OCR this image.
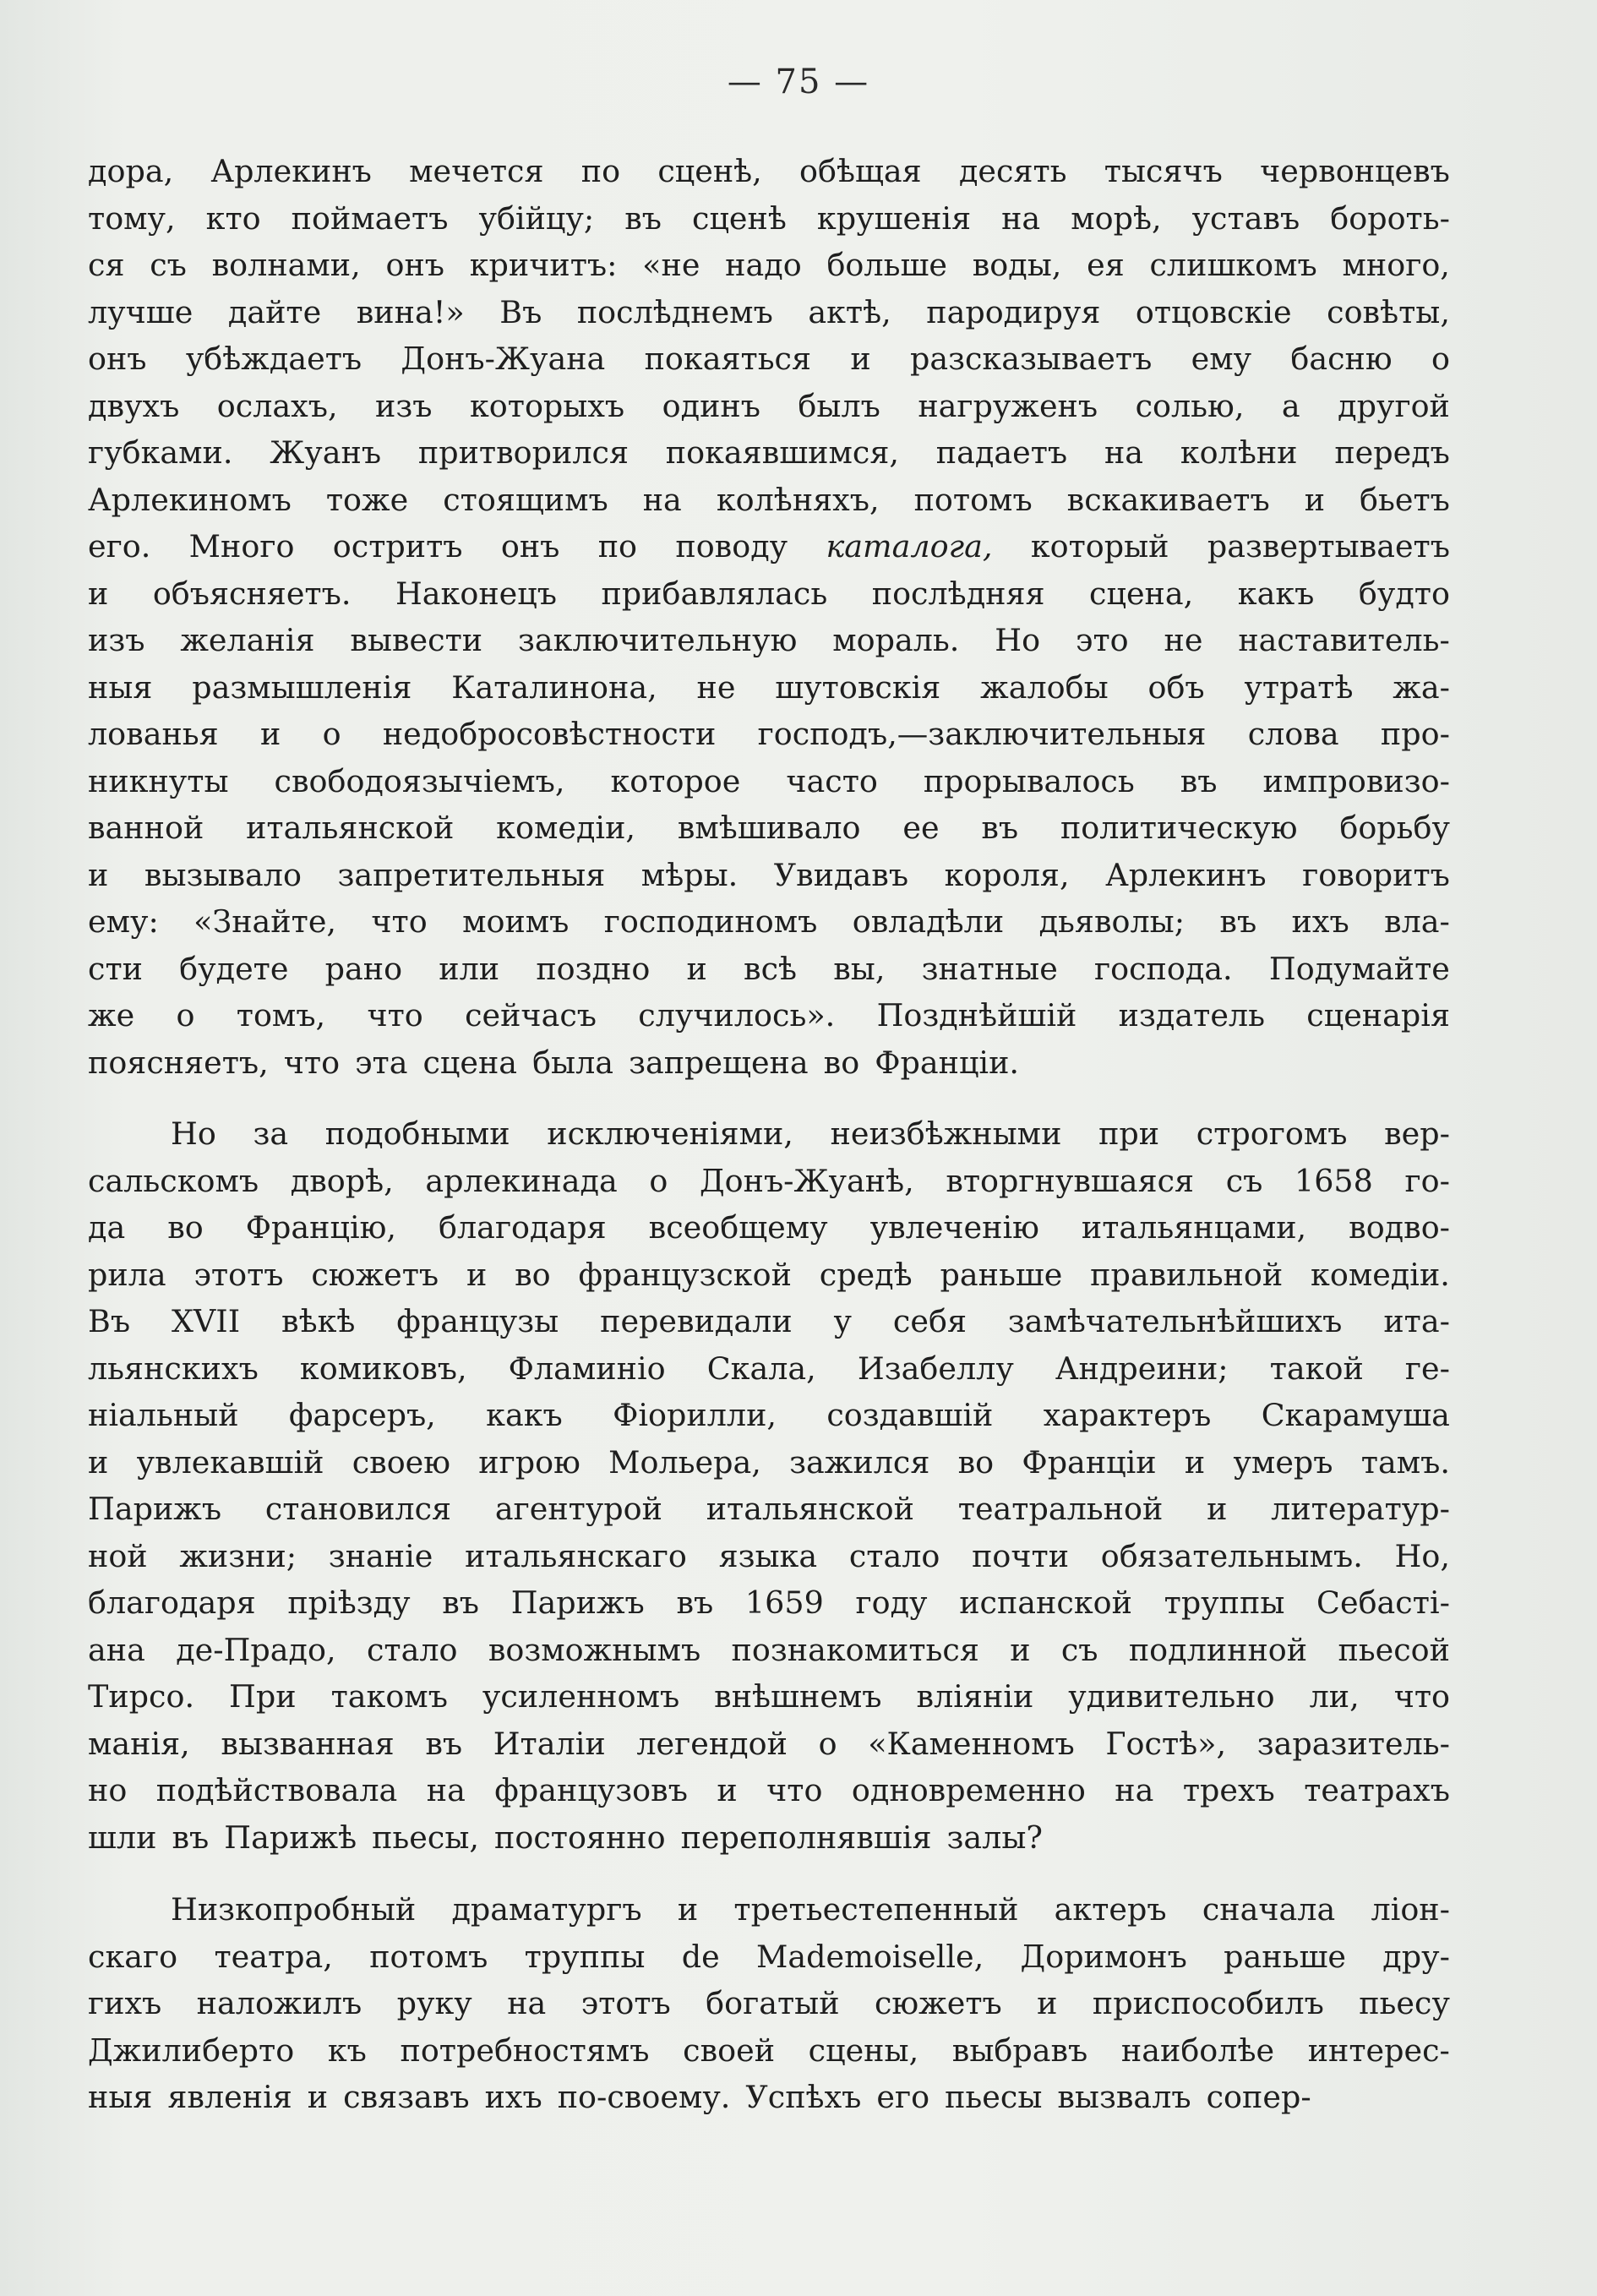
— 75 —
дора, Арлекинъ мечется по сценѣ, обѣщая десять тысячъ червонцевъ
тому, кто поймаетъ убійцу; въ сценѣ крушенія на морѣ, уставъ бороть-
ся съ волнами, онъ кричитъ: «не надо больше воды, ея слишкомъ много,
лучше дайте вина!» Въ послѣднемъ актѣ, пародируя отцовскіе совѣты,
онъ убѣждаетъ Донъ-Жуана покаяться и разсказываетъ ему басню о
двухъ ослахъ, изъ которыхъ одинъ былъ нагруженъ солью, а другой
губками. Жуанъ притворился покаявшимся, падаетъ на колѣни передъ
Арлекиномъ тоже стоящимъ на колѣняхъ, потомъ вскакиваетъ и бьетъ
его. Много остритъ онъ по поводу каталога, который развертываетъ
и объясняетъ. Наконецъ прибавлялась послѣдняя сцена, какъ будто
изъ желанія вывести заключительную мораль. Но это не наставитель-
ныя размышленія Каталинона, не шутовскія жалобы объ утратѣ жа-
лованья и о недобросовѣстности господъ,—заключительныя слова про-
никнуты свободоязычіемъ, которое часто прорывалось въ импровизо-
ванной итальянской комедіи, вмѣшивало ее въ политическую борьбу
и вызывало запретительныя мѣры. Увидавъ короля, Арлекинъ говоритъ
ему: «Знайте, что моимъ господиномъ овладѣли дьяволы; въ ихъ вла-
сти будете рано или поздно и всѣ вы, знатные господа. Подумайте
же о томъ, что сейчасъ случилось». Позднѣйшій издатель сценарія
поясняетъ, что эта сцена была запрещена во Франціи.
Но за подобными исключеніями, неизбѣжными при строгомъ вер-
сальскомъ дворѣ, арлекинада о Донъ-Жуанѣ, вторгнувшаяся съ 1658 го-
да во Францію, благодаря всеобщему увлеченію итальянцами, водво-
рила этотъ сюжетъ и во французской средѣ раньше правильной комедіи.
Въ XVII вѣкѣ французы перевидали у себя замѣчательнѣйшихъ ита-
льянскихъ комиковъ, Фламиніо Скала, Изабеллу Андреини; такой ге-
ніальный фарсеръ, какъ Фіорилли, создавшій характеръ Скарамуша
и увлекавшій своею игрою Мольера, зажился во Франціи и умеръ тамъ.
Парижъ становился агентурой итальянской театральной и литератур-
ной жизни; знаніе итальянскаго языка стало почти обязательнымъ. Но,
благодаря пріѣзду въ Парижъ въ 1659 году испанской труппы Себасті-
ана де-Прадо, стало возможнымъ познакомиться и съ подлинной пьесой
Тирсо. При такомъ усиленномъ внѣшнемъ вліяніи удивительно ли, что
манія, вызванная въ Италіи легендой о «Каменномъ Гостѣ», заразитель-
но подѣйствовала на французовъ и что одновременно на трехъ театрахъ
шли въ Парижѣ пьесы, постоянно переполнявшія залы?
Низкопробный драматургъ и третьестепенный актеръ сначала ліон-
скаго театра, потомъ труппы de Mademoiselle, Доримонъ раньше дру-
гихъ наложилъ руку на этотъ богатый сюжетъ и приспособилъ пьесу
Джилиберто къ потребностямъ своей сцены, выбравъ наиболѣе интерес-
ныя явленія и связавъ ихъ по-своему. Успѣхъ его пьесы вызвалъ сопер-
